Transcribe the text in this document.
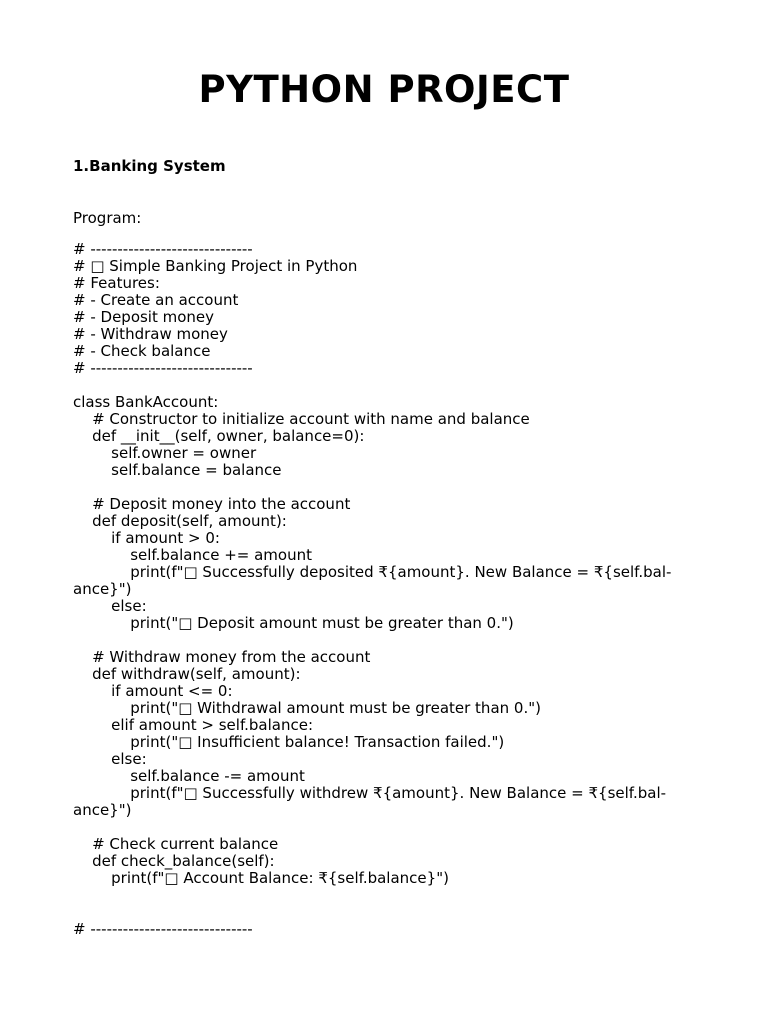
PYTHON PROJECT
1.Banking System
Program:
# ------------------------------
# □ Simple Banking Project in Python
# Features:
# - Create an account
# - Deposit money
# - Withdraw money
# - Check balance
# ------------------------------
class BankAccount:
# Constructor to initialize account with name and balance
def __init__(self, owner, balance=0):
self.owner = owner
self.balance = balance
# Deposit money into the account
def deposit(self, amount):
if amount > 0:
self.balance += amount
print(f"□ Successfully deposited ₹{amount}. New Balance = ₹{self.bal-
ance}")
else:
print("□ Deposit amount must be greater than 0.")
# Withdraw money from the account
def withdraw(self, amount):
if amount <= 0:
print("□ Withdrawal amount must be greater than 0.")
elif amount > self.balance:
print("□ Insufficient balance! Transaction failed.")
else:
self.balance -= amount
print(f"□ Successfully withdrew ₹{amount}. New Balance = ₹{self.bal-
ance}")
# Check current balance
def check_balance(self):
print(f"□ Account Balance: ₹{self.balance}")
# ------------------------------
